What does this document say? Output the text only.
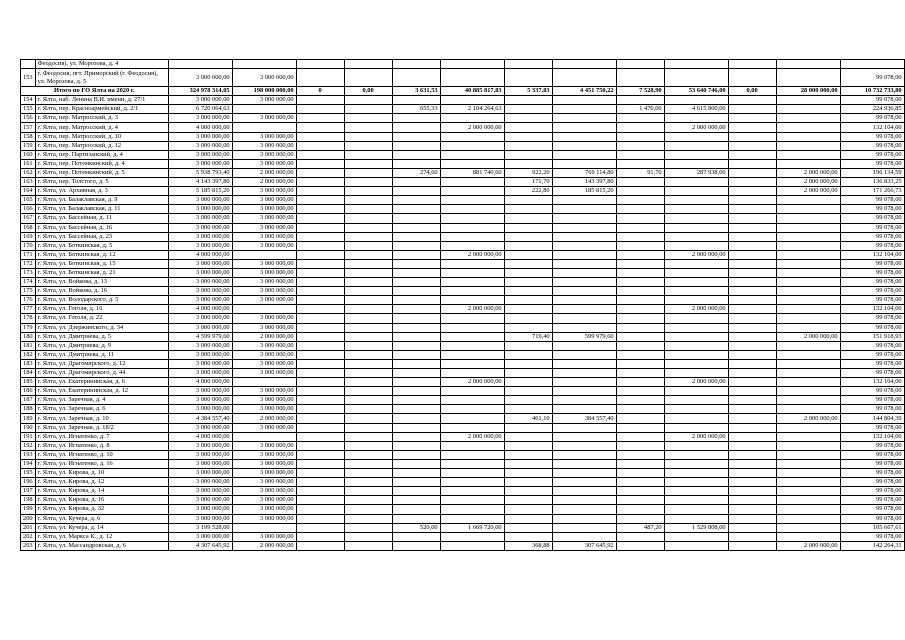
	Феодосия), ул. Морозова, д. 4													
153	г. Феодосия, пгт. Приморский (г. Феодосия), ул. Морозова, д. 5	3 000 000,00	3 000 000,00											99 078,00
Итого по ГО Ялта на 2020 г.		324 978 314,05	198 000 000,00	0	0,00	3 631,53	40 885 817,83	5 337,83	4 451 750,22	7 528,90	53 640 746,00	0,00	28 000 000,00	10 732 733,80
154	г. Ялта, наб. Ленина В.И. имени, д. 27/1	3 000 000,00	3 000 000,00											99 078,00
155	г. Ялта, пер. Красноармейский, д. 2/1	6 720 064,63				655,33	2 104 264,63			1 470,00	4 615 800,00			224 936,85
156	г. Ялта, пер. Матросский, д. 3	3 000 000,00	3 000 000,00											99 078,00
157	г. Ялта, пер. Матросский, д. 4	4 000 000,00					2 000 000,00				2 000 000,00			132 104,00
158	г. Ялта, пер. Матросский, д. 10	3 000 000,00	3 000 000,00											99 078,00
159	г. Ялта, пер. Матросский, д. 12	3 000 000,00	3 000 000,00											99 078,00
160	г. Ялта, пер. Партизанский, д. 4	3 000 000,00	3 000 000,00											99 078,00
161	г. Ялта, пер. Потемкинский, д. 4	3 000 000,00	3 000 000,00											99 078,00
162	г. Ялта, пер. Потемкинский, д. 5	5 938 793,40	2 000 000,00			274,60	881 740,60	922,20	769 114,80	91,70	287 938,00		2 000 000,00	196 134,59
163	г. Ялта, пер. Толстого, д. 5	4 143 397,80	2 000 000,00					171,70	143 397,80				2 000 000,00	136 833,25
164	г. Ялта, ул. Архивная, д. 3	5 185 815,20	3 000 000,00					222,80	185 815,20				2 000 000,00	171 266,73
165	г. Ялта, ул. Балаклавская, д. 9	3 000 000,00	3 000 000,00											99 078,00
166	г. Ялта, ул. Балаклавская, д. 11	3 000 000,00	3 000 000,00											99 078,00
167	г. Ялта, ул. Бассейная, д. 11	3 000 000,00	3 000 000,00											99 078,00
168	г. Ялта, ул. Бассейная, д. 16	3 000 000,00	3 000 000,00											99 078,00
169	г. Ялта, ул. Бассейная, д. 23	3 000 000,00	3 000 000,00											99 078,00
170	г. Ялта, ул. Боткинская, д. 5	3 000 000,00	3 000 000,00											99 078,00
171	г. Ялта, ул. Боткинская, д. 12	4 000 000,00					2 000 000,00				2 000 000,00			132 104,00
172	г. Ялта, ул. Боткинская, д. 15	3 000 000,00	3 000 000,00											99 078,00
173	г. Ялта, ул. Боткинская, д. 21	3 000 000,00	3 000 000,00											99 078,00
174	г. Ялта, ул. Войкова, д. 13	3 000 000,00	3 000 000,00											99 078,00
175	г. Ялта, ул. Войкова, д. 16	3 000 000,00	3 000 000,00											99 078,00
176	г. Ялта, ул. Володарского, д. 5	3 000 000,00	3 000 000,00											99 078,00
177	г. Ялта, ул. Гоголя, д. 16	4 000 000,00					2 000 000,00				2 000 000,00			132 104,00
178	г. Ялта, ул. Гоголя, д. 22	3 000 000,00	3 000 000,00											99 078,00
179	г. Ялта, ул. Дзержинского, д. 34	3 000 000,00	3 000 000,00											99 078,00
180	г. Ялта, ул. Дмитриева, д. 5	4 599 979,60	2 000 000,00					719,40	599 979,60				2 000 000,00	151 918,93
181	г. Ялта, ул. Дмитриева, д. 9	3 000 000,00	3 000 000,00											99 078,00
182	г. Ялта, ул. Дмитриева, д. 11	3 000 000,00	3 000 000,00											99 078,00
183	г. Ялта, ул. Драгомирского, д. 12	3 000 000,00	3 000 000,00											99 078,00
184	г. Ялта, ул. Драгомирского, д. 44	3 000 000,00	3 000 000,00											99 078,00
185	г. Ялта, ул. Екатерининская, д. 6	4 000 000,00					2 000 000,00				2 000 000,00			132 104,00
186	г. Ялта, ул. Екатерининская, д. 12	3 000 000,00	3 000 000,00											99 078,00
187	г. Ялта, ул. Заречная, д. 4	3 000 000,00	3 000 000,00											99 078,00
188	г. Ялта, ул. Заречная, д. 6	3 000 000,00	3 000 000,00											99 078,00
189	г. Ялта, ул. Заречная, д. 10	4 384 557,40	2 000 000,00					461,10	384 557,40				2 000 000,00	144 804,39
190	г. Ялта, ул. Заречная, д. 18/2	3 000 000,00	3 000 000,00											99 078,00
191	г. Ялта, ул. Игнатенко, д. 7	4 000 000,00					2 000 000,00				2 000 000,00			132 104,00
192	г. Ялта, ул. Игнатенко, д. 8	3 000 000,00	3 000 000,00											99 078,00
193	г. Ялта, ул. Игнатенко, д. 10	3 000 000,00	3 000 000,00											99 078,00
194	г. Ялта, ул. Игнатенко, д. 16	3 000 000,00	3 000 000,00											99 078,00
195	г. Ялта, ул. Кирова, д. 10	3 000 000,00	3 000 000,00											99 078,00
196	г. Ялта, ул. Кирова, д. 12	3 000 000,00	3 000 000,00											99 078,00
197	г. Ялта, ул. Кирова, д. 14	3 000 000,00	3 000 000,00											99 078,00
198	г. Ялта, ул. Кирова, д. 16	3 000 000,00	3 000 000,00											99 078,00
199	г. Ялта, ул. Кирова, д. 32	3 000 000,00	3 000 000,00											99 078,00
200	г. Ялта, ул. Кучера, д. 6	3 000 000,00	3 000 000,00											99 078,00
201	г. Ялта, ул. Кучера, д. 14	3 199 528,00				520,00	1 669 720,00			487,20	1 529 808,00			105 667,61
202	г. Ялта, ул. Маркса К., д. 12	3 000 000,00	3 000 000,00											99 078,00
203	г. Ялта, ул. Массандровская, д. 6	4 307 645,92	2 000 000,00					368,88	307 645,92				2 000 000,00	142 264,31
